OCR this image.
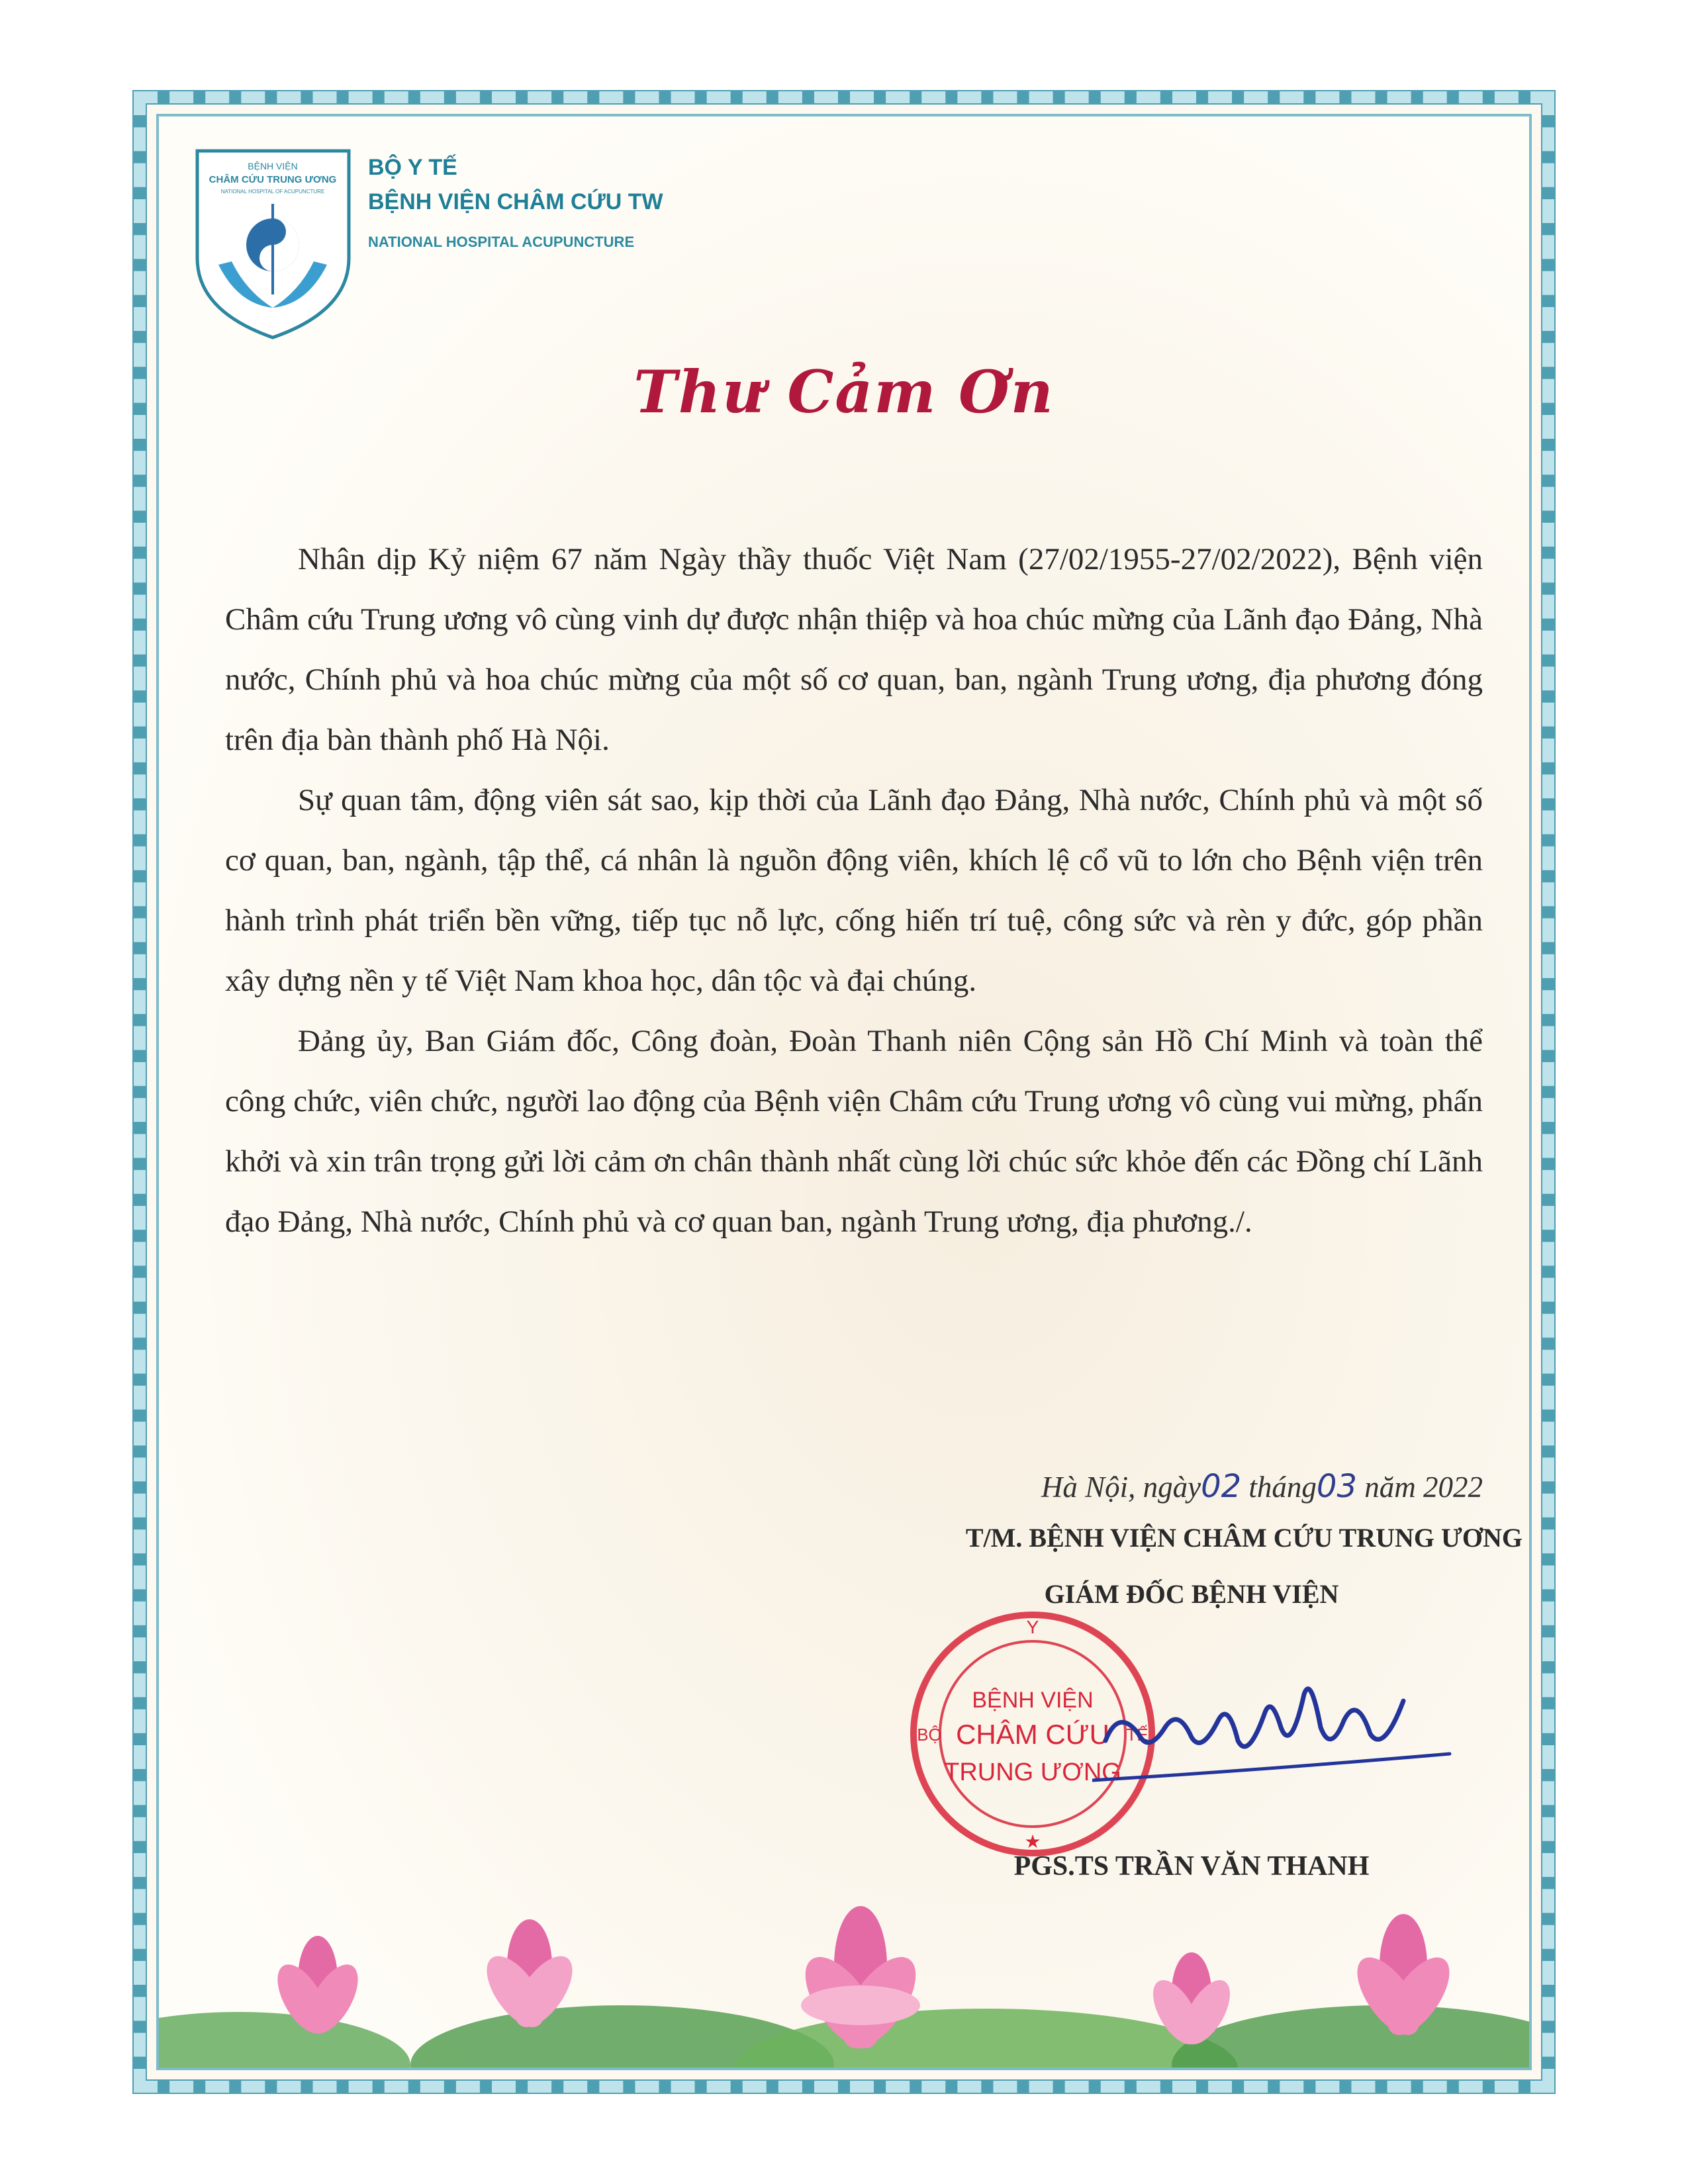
BỆNH VIỆN
CHÂM CỨU TRUNG ƯƠNG
NATIONAL HOSPITAL OF ACUPUNCTURE
BỘ Y TẾ
BỆNH VIỆN CHÂM CỨU TW
NATIONAL HOSPITAL ACUPUNCTURE
Thư Cảm Ơn

Nhân dịp Kỷ niệm 67 năm Ngày thầy thuốc Việt Nam (27/02/1955-27/02/2022), Bệnh viện Châm cứu Trung ương vô cùng vinh dự được nhận thiệp và hoa chúc mừng của Lãnh đạo Đảng, Nhà nước, Chính phủ và hoa chúc mừng của một số cơ quan, ban, ngành Trung ương, địa phương đóng trên địa bàn thành phố Hà Nội.

Sự quan tâm, động viên sát sao, kịp thời của Lãnh đạo Đảng, Nhà nước, Chính phủ và một số cơ quan, ban, ngành, tập thể, cá nhân là nguồn động viên, khích lệ cổ vũ to lớn cho Bệnh viện trên hành trình phát triển bền vững, tiếp tục nỗ lực, cống hiến trí tuệ, công sức và rèn y đức, góp phần xây dựng nền y tế Việt Nam khoa học, dân tộc và đại chúng.

Đảng ủy, Ban Giám đốc, Công đoàn, Đoàn Thanh niên Cộng sản Hồ Chí Minh và toàn thể công chức, viên chức, người lao động của Bệnh viện Châm cứu Trung ương vô cùng vui mừng, phấn khởi và xin trân trọng gửi lời cảm ơn chân thành nhất cùng lời chúc sức khỏe đến các Đồng chí Lãnh đạo Đảng, Nhà nước, Chính phủ và cơ quan ban, ngành Trung ương, địa phương./.

Hà Nội, ngày02 tháng03 năm 2022
T/M. BỆNH VIỆN CHÂM CỨU TRUNG ƯƠNG
GIÁM ĐỐC BỆNH VIỆN
Y
BỘ	TẾ
BỆNH VIỆN
CHÂM CỨU
TRUNG ƯƠNG
★
PGS.TS TRẦN VĂN THANH
